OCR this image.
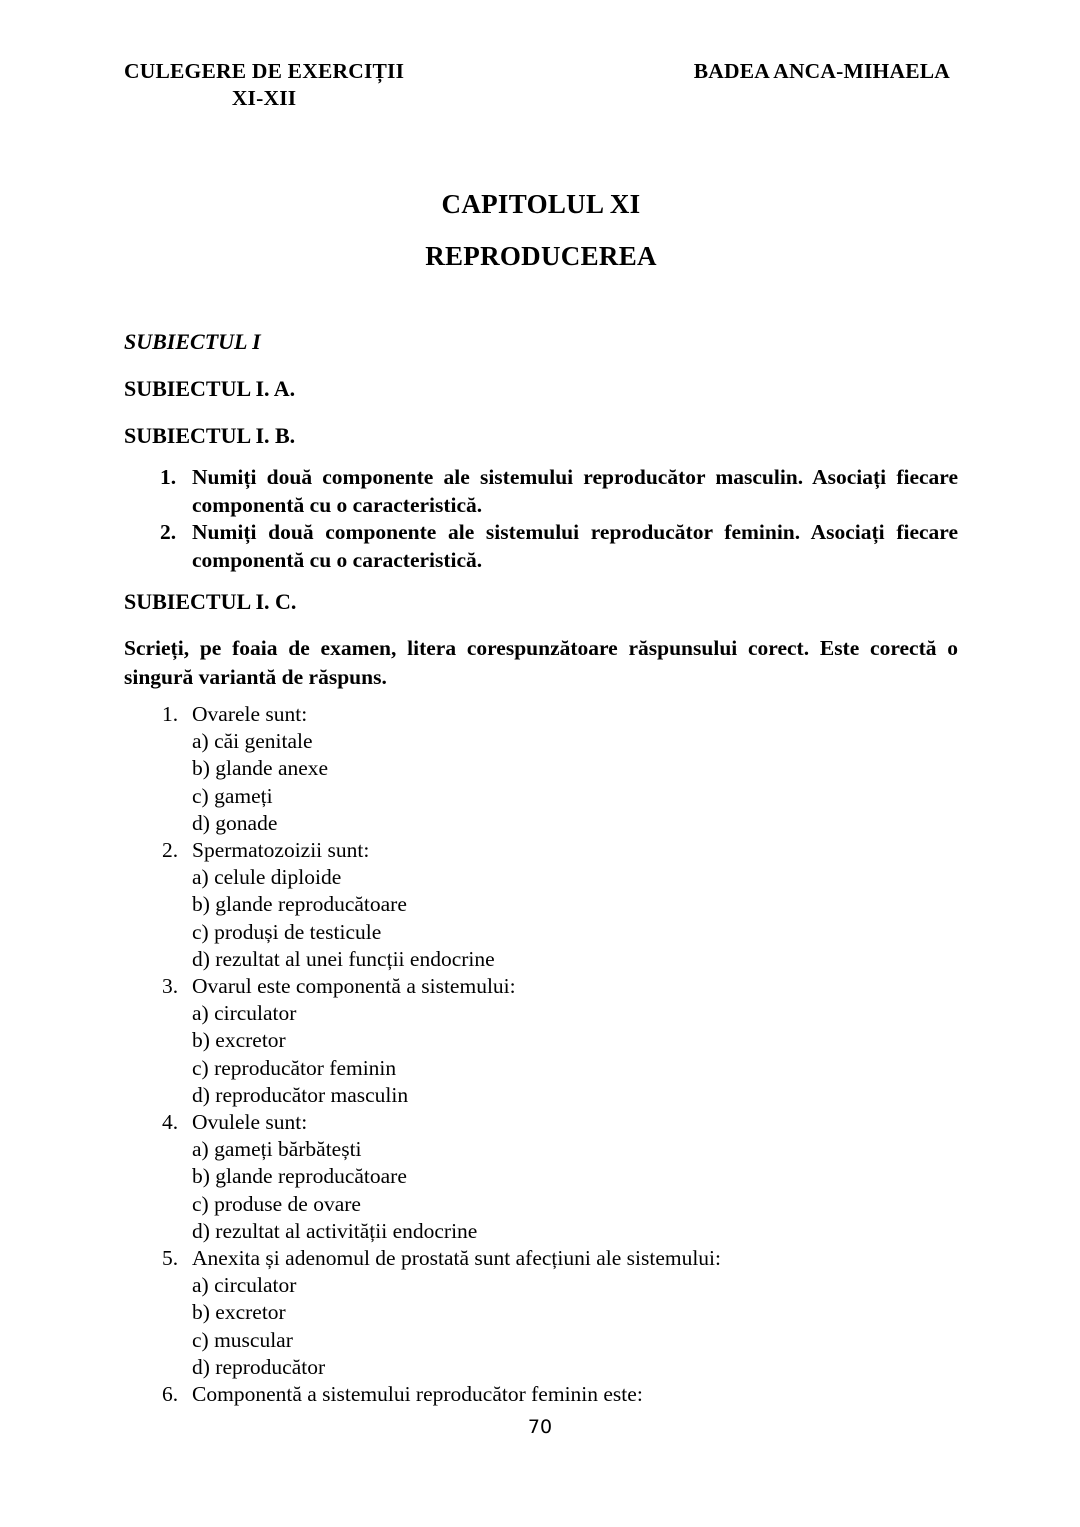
CULEGERE DE EXERCIȚII
XI-XII
BADEA ANCA-MIHAELA
CAPITOLUL XI
REPRODUCEREA
SUBIECTUL I
SUBIECTUL I. A.
SUBIECTUL I. B.
1. Numiți două componente ale sistemului reproducător masculin. Asociați fiecare componentă cu o caracteristică.
2. Numiți două componente ale sistemului reproducător feminin. Asociați fiecare componentă cu o caracteristică.
SUBIECTUL I. C.
Scrieți, pe foaia de examen, litera corespunzătoare răspunsului corect. Este corectă o singură variantă de răspuns.
1. Ovarele sunt:
a) căi genitale
b) glande anexe
c) gameți
d) gonade
2. Spermatozoizii sunt:
a) celule diploide
b) glande reproducătoare
c) produși de testicule
d) rezultat al unei funcții endocrine
3. Ovarul este componentă a sistemului:
a) circulator
b) excretor
c) reproducător feminin
d) reproducător masculin
4. Ovulele sunt:
a) gameți bărbătești
b) glande reproducătoare
c) produse de ovare
d) rezultat al activității endocrine
5. Anexita și adenomul de prostată sunt afecțiuni ale sistemului:
a) circulator
b) excretor
c) muscular
d) reproducător
6. Componentă a sistemului reproducător feminin este:
70
